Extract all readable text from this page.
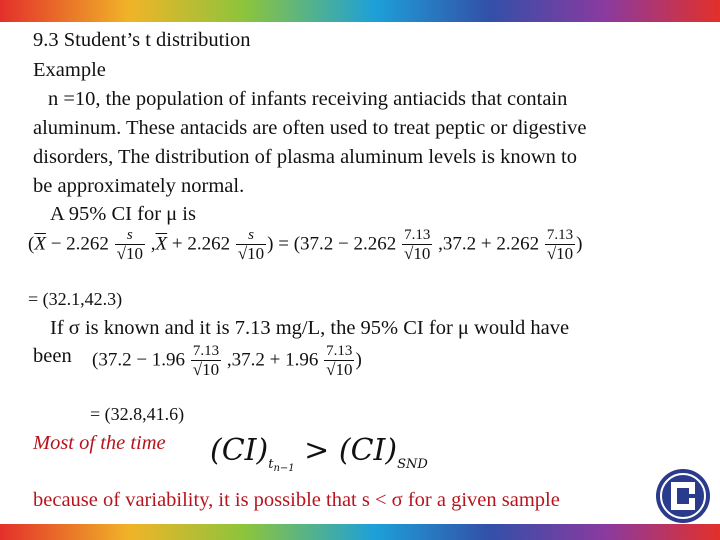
9.3 Student’s t distribution
Example
n =10, the population of infants receiving antiacids that contain
aluminum. These antacids are often used to treat peptic or digestive
disorders, The distribution of plasma aluminum levels is known to
be approximately normal.
A 95% CI for μ is
($\overline{X} - 2.262 \frac{s}{√10} ,\overline{X} + 2.262 \frac{s}{√10}$ ) = ($37.2 - 2.262 \frac{7.13}{√10} ,37.2 + 2.262 \frac{7.13}{√10}$ )
= (32.1,42.3)
If σ is known and it is 7.13 mg/L, the 95% CI for μ would have
been ($37.2 - 1.96 \frac{7.13}{√10} ,37.2 + 1.96 \frac{7.13}{√10}$ )
= (32.8,41.6)
Most of the time $(CI)_{t_{n-1}} > (CI)_{SND}$
because of variability, it is possible that s < σ for a given sample
